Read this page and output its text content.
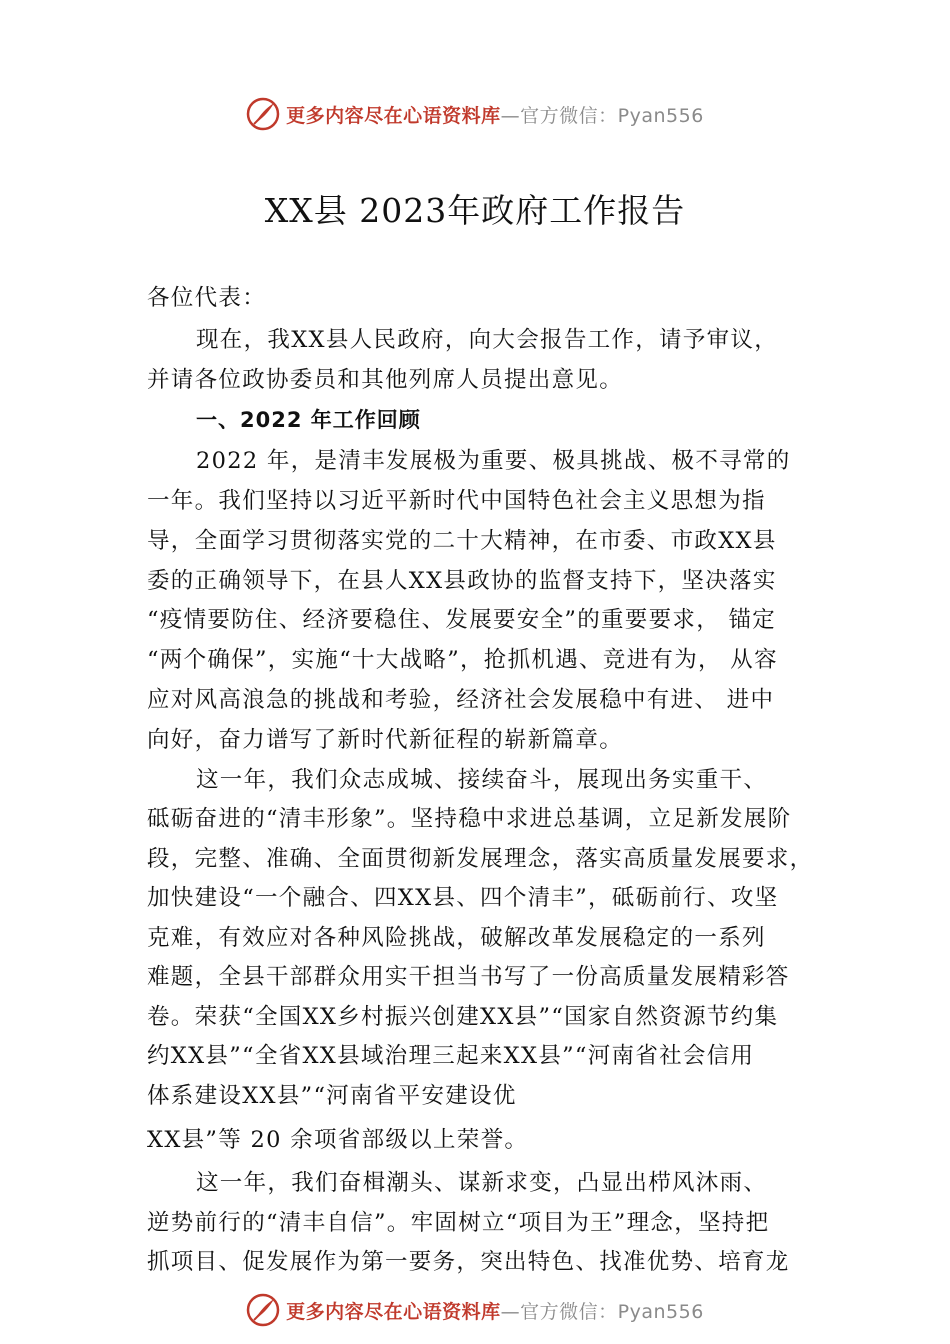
更多内容尽在心语资料库—官方微信：Pyan556
XX县 2023年政府工作报告
各位代表：
现在，我XX县人民政府，向大会报告工作，请予审议，
并请各位政协委员和其他列席人员提出意见。
一、2022 年工作回顾
2022 年，是清丰发展极为重要、极具挑战、极不寻常的
一年。我们坚持以习近平新时代中国特色社会主义思想为指
导，全面学习贯彻落实党的二十大精神，在市委、市政XX县
委的正确领导下，在县人XX县政协的监督支持下，坚决落实
“疫情要防住、经济要稳住、发展要安全”的重要要求， 锚定
“两个确保”，实施“十大战略”，抢抓机遇、竞进有为， 从容
应对风高浪急的挑战和考验，经济社会发展稳中有进、 进中
向好，奋力谱写了新时代新征程的崭新篇章。
这一年，我们众志成城、接续奋斗，展现出务实重干、
砥砺奋进的“清丰形象”。坚持稳中求进总基调，立足新发展阶
段，完整、准确、全面贯彻新发展理念，落实高质量发展要求，
加快建设“一个融合、四XX县、四个清丰”，砥砺前行、攻坚
克难，有效应对各种风险挑战，破解改革发展稳定的一系列
难题，全县干部群众用实干担当书写了一份高质量发展精彩答
卷。荣获“全国XX乡村振兴创建XX县”“国家自然资源节约集
约XX县”“全省XX县域治理三起来XX县”“河南省社会信用
体系建设XX县”“河南省平安建设优
XX县”等 20 余项省部级以上荣誉。
这一年，我们奋楫潮头、谋新求变，凸显出栉风沐雨、
逆势前行的“清丰自信”。牢固树立“项目为王”理念，坚持把
抓项目、促发展作为第一要务，突出特色、找准优势、培育龙
更多内容尽在心语资料库—官方微信：Pyan556
